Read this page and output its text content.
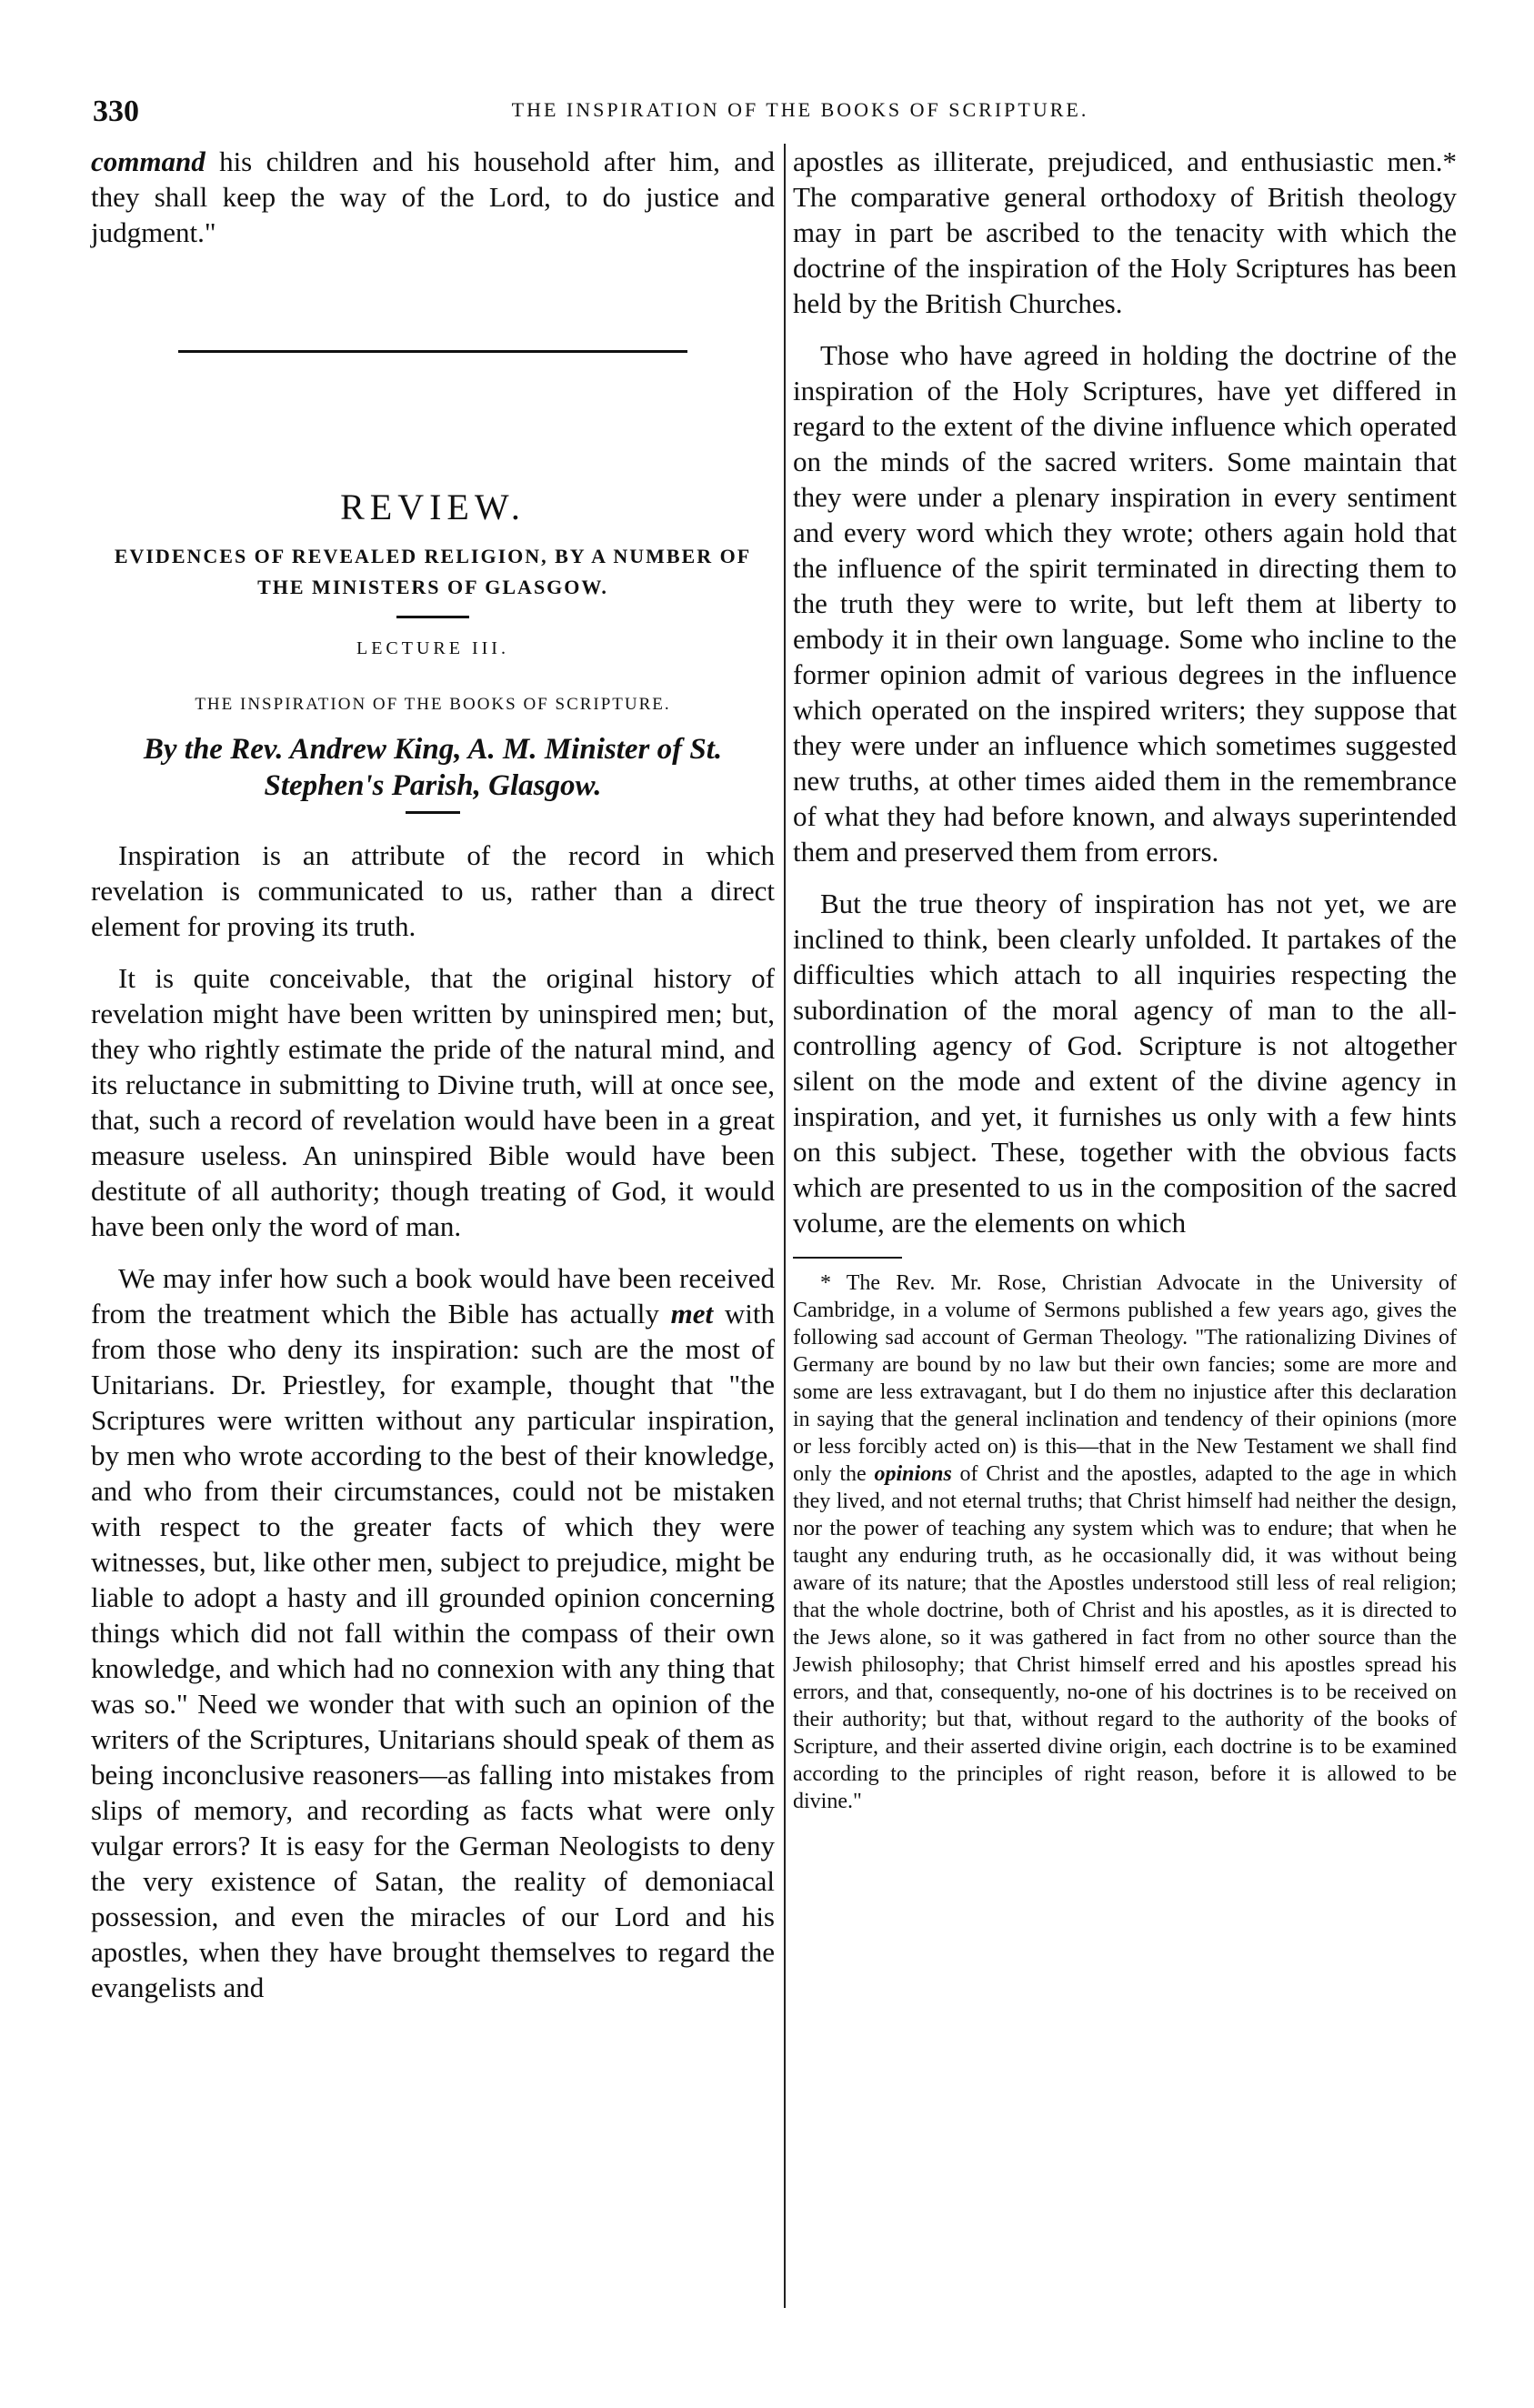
330	THE INSPIRATION OF THE BOOKS OF SCRIPTURE.

command his children and his household after him, and they shall keep the way of the Lord, to do justice and judgment."

REVIEW.
EVIDENCES OF REVEALED RELIGION, BY A NUMBER OF THE MINISTERS OF GLASGOW.
LECTURE III.
THE INSPIRATION OF THE BOOKS OF SCRIPTURE.
By the Rev. Andrew King, A. M. Minister of St. Stephen's Parish, Glasgow.

Inspiration is an attribute of the record in which revelation is communicated to us, rather than a direct element for proving its truth.

It is quite conceivable, that the original history of revelation might have been written by uninspired men; but, they who rightly estimate the pride of the natural mind, and its reluctance in submitting to Divine truth, will at once see, that, such a record of revelation would have been in a great measure useless. An uninspired Bible would have been destitute of all authority; though treating of God, it would have been only the word of man.

We may infer how such a book would have been received from the treatment which the Bible has actually met with from those who deny its inspiration: such are the most of Unitarians. Dr. Priestley, for example, thought that "the Scriptures were written without any particular inspiration, by men who wrote according to the best of their knowledge, and who from their circumstances, could not be mistaken with respect to the greater facts of which they were witnesses, but, like other men, subject to prejudice, might be liable to adopt a hasty and ill grounded opinion concerning things which did not fall within the compass of their own knowledge, and which had no connexion with any thing that was so." Need we wonder that with such an opinion of the writers of the Scriptures, Unitarians should speak of them as being inconclusive reasoners—as falling into mistakes from slips of memory, and recording as facts what were only vulgar errors? It is easy for the German Neologists to deny the very existence of Satan, the reality of demoniacal possession, and even the miracles of our Lord and his apostles, when they have brought themselves to regard the evangelists and

apostles as illiterate, prejudiced, and enthusiastic men.* The comparative general orthodoxy of British theology may in part be ascribed to the tenacity with which the doctrine of the inspiration of the Holy Scriptures has been held by the British Churches.

Those who have agreed in holding the doctrine of the inspiration of the Holy Scriptures, have yet differed in regard to the extent of the divine influence which operated on the minds of the sacred writers. Some maintain that they were under a plenary inspiration in every sentiment and every word which they wrote; others again hold that the influence of the spirit terminated in directing them to the truth they were to write, but left them at liberty to embody it in their own language. Some who incline to the former opinion admit of various degrees in the influence which operated on the inspired writers; they suppose that they were under an influence which sometimes suggested new truths, at other times aided them in the remembrance of what they had before known, and always superintended them and preserved them from errors.

But the true theory of inspiration has not yet, we are inclined to think, been clearly unfolded. It partakes of the difficulties which attach to all inquiries respecting the subordination of the moral agency of man to the all-controlling agency of God. Scripture is not altogether silent on the mode and extent of the divine agency in inspiration, and yet, it furnishes us only with a few hints on this subject. These, together with the obvious facts which are presented to us in the composition of the sacred volume, are the elements on which

* The Rev. Mr. Rose, Christian Advocate in the University of Cambridge, in a volume of Sermons published a few years ago, gives the following sad account of German Theology. "The rationalizing Divines of Germany are bound by no law but their own fancies; some are more and some are less extravagant, but I do them no injustice after this declaration in saying that the general inclination and tendency of their opinions (more or less forcibly acted on) is this—that in the New Testament we shall find only the opinions of Christ and the apostles, adapted to the age in which they lived, and not eternal truths; that Christ himself had neither the design, nor the power of teaching any system which was to endure; that when he taught any enduring truth, as he occasionally did, it was without being aware of its nature; that the Apostles understood still less of real religion; that the whole doctrine, both of Christ and his apostles, as it is directed to the Jews alone, so it was gathered in fact from no other source than the Jewish philosophy; that Christ himself erred and his apostles spread his errors, and that, consequently, no-one of his doctrines is to be received on their authority; but that, without regard to the authority of the books of Scripture, and their asserted divine origin, each doctrine is to be examined according to the principles of right reason, before it is allowed to be divine."
